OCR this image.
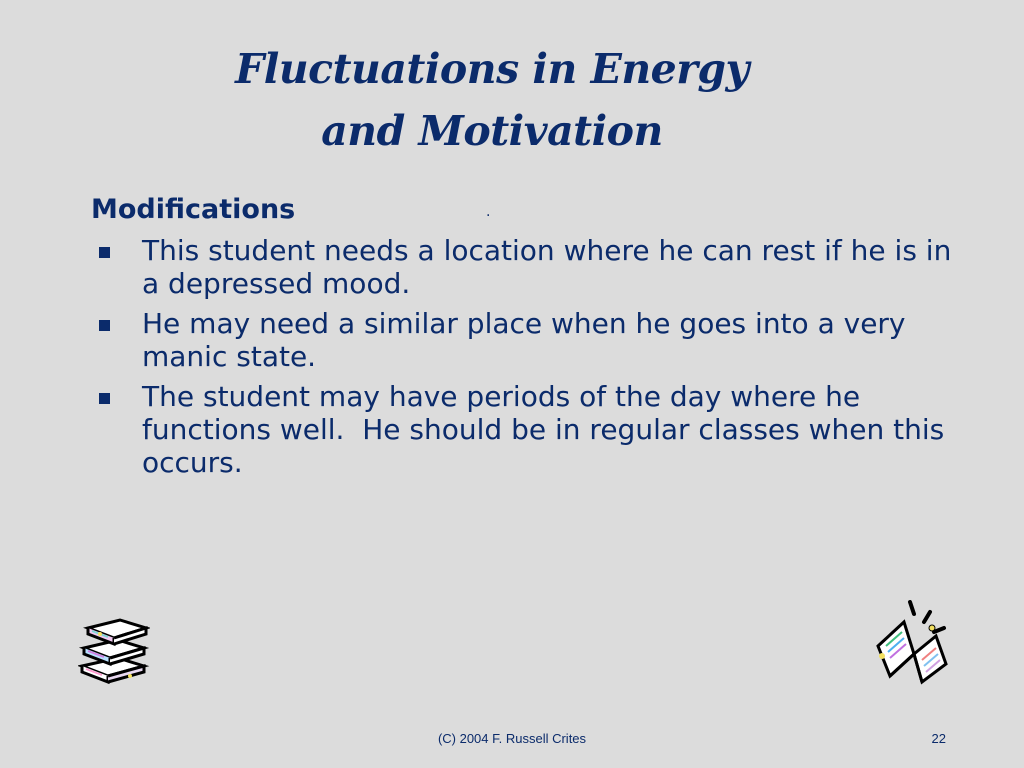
Fluctuations in Energy
and Motivation
Modifications	.
This student needs a location where he can rest if he is in a depressed mood.
He may need a similar place when he goes into a very manic state.
The student may have periods of the day where he functions well.  He should be in regular classes when this occurs.
(C) 2004 F. Russell Crites	22
